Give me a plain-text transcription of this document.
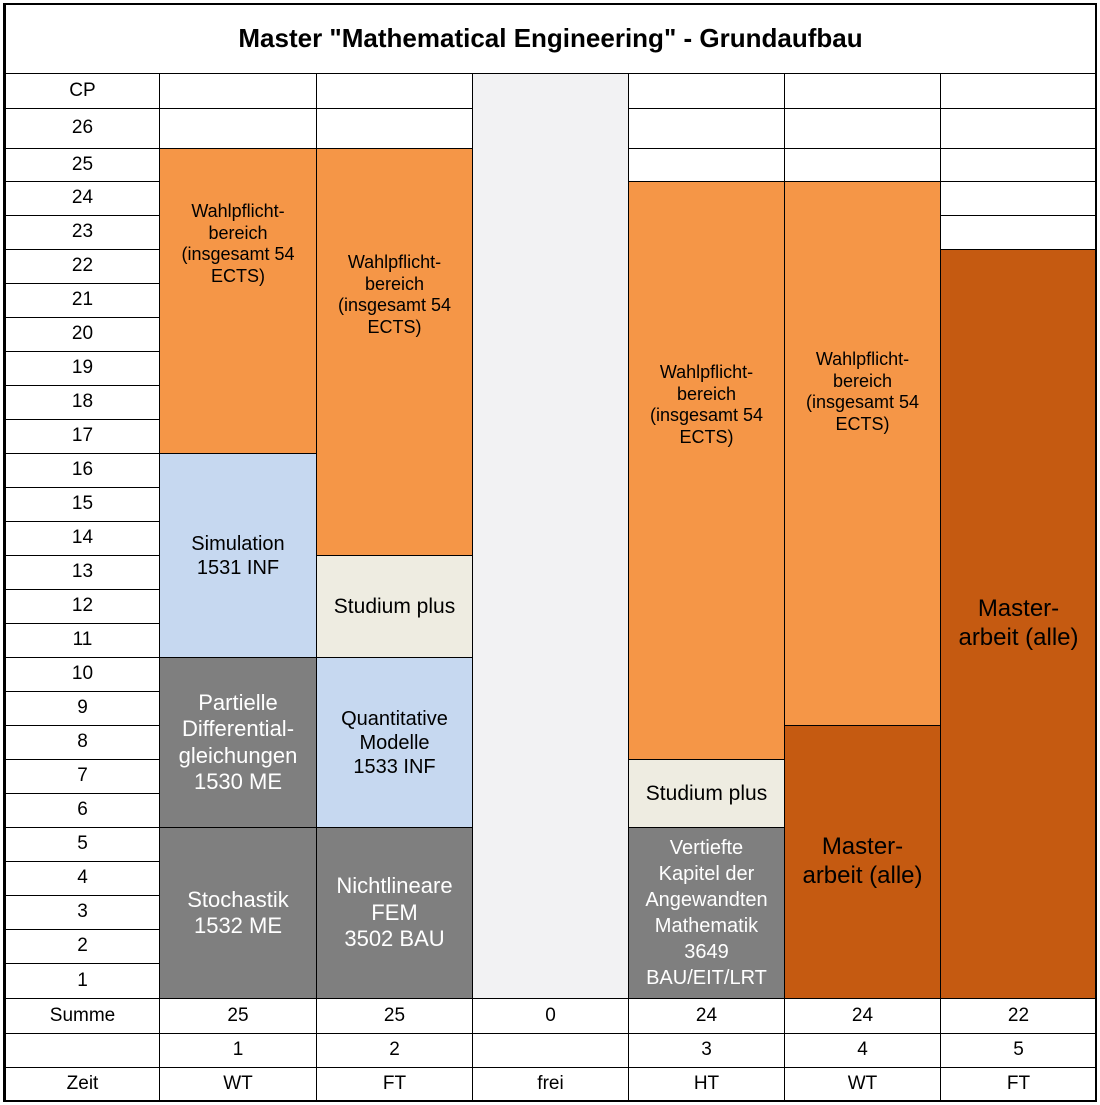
Master "Mathematical Engineering" - Grundaufbau
CP
26
25
24
23
22
21
20
19
18
17
16
15
14
13
12
11
10
9
8
7
6
5
4
3
2
1
Summe
Zeit
Wahlpflicht-
bereich
(insgesamt 54
ECTS)
Simulation
1531 INF
Partielle
Differential-
gleichungen
1530 ME
Stochastik
1532 ME
25
1
WT
Wahlpflicht-
bereich
(insgesamt 54
ECTS)
Studium plus
Quantitative
Modelle
1533 INF
Nichtlineare
FEM
3502 BAU
25
2
FT
0
frei
Wahlpflicht-
bereich
(insgesamt 54
ECTS)
Studium plus
Vertiefte
Kapitel der
Angewandten
Mathematik
3649
BAU/EIT/LRT
24
3
HT
Wahlpflicht-
bereich
(insgesamt 54
ECTS)
Master-
arbeit (alle)
24
4
WT
Master-
arbeit (alle)
22
5
FT
